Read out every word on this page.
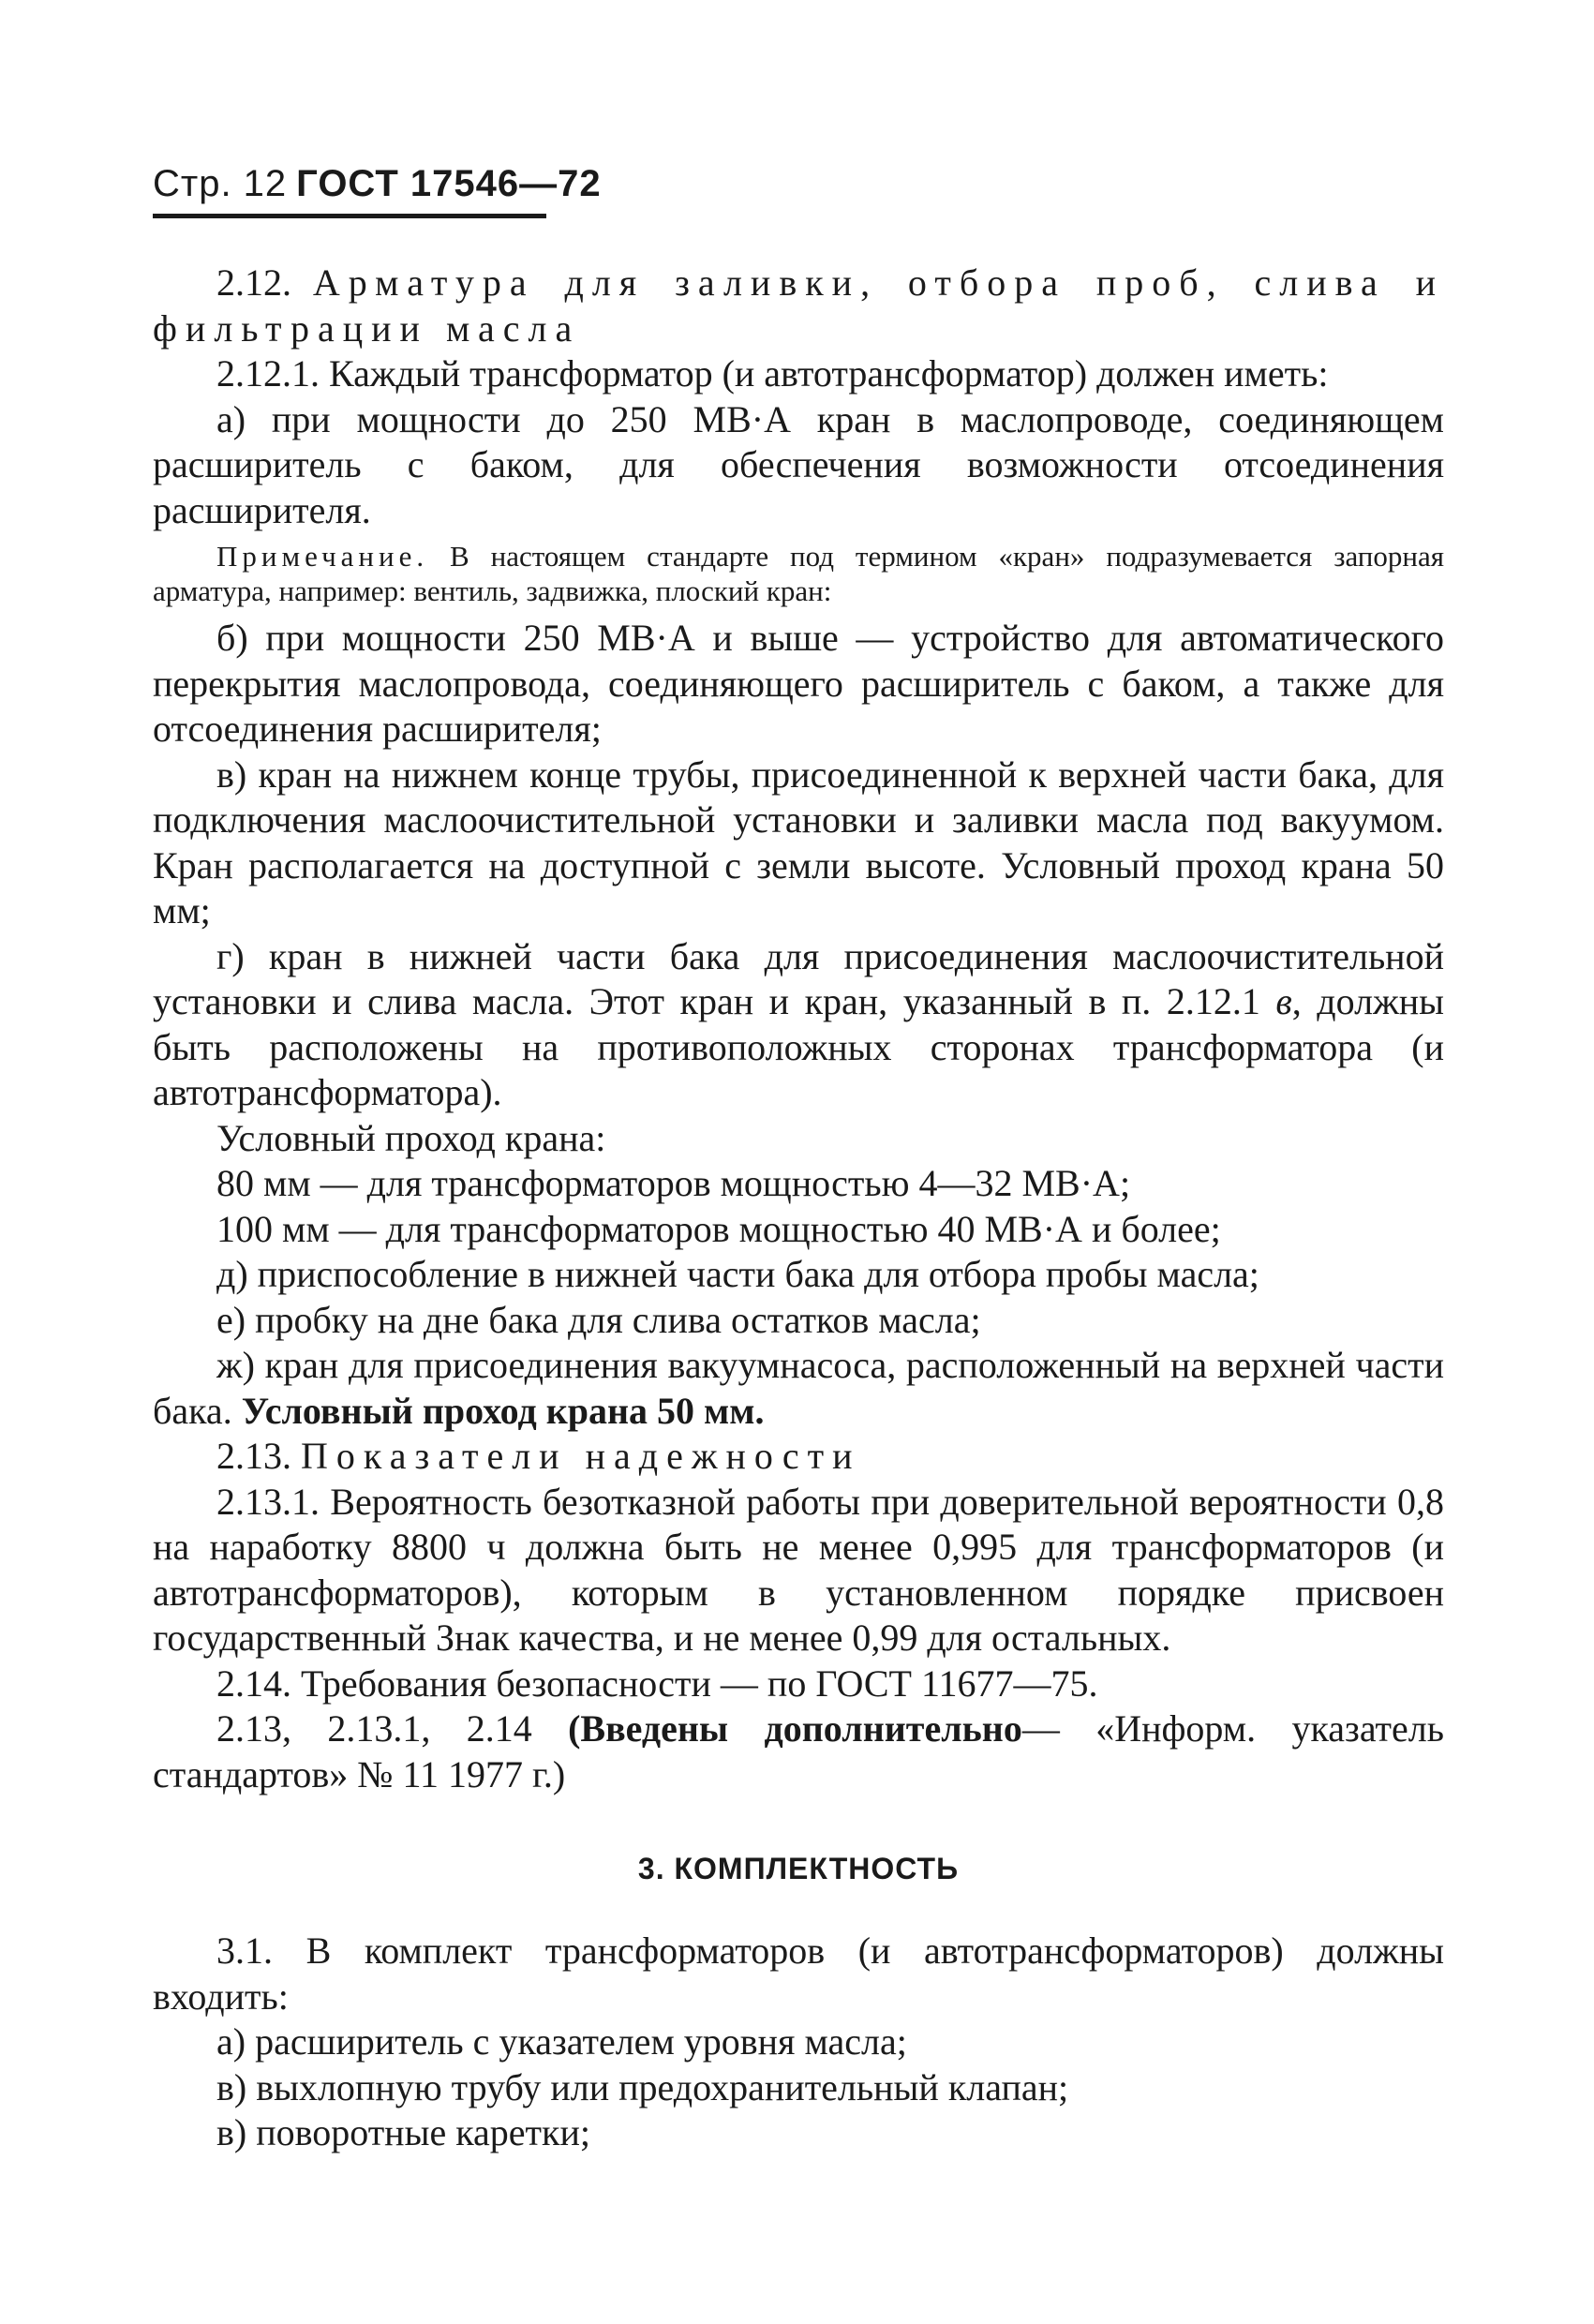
Стр. 12 ГОСТ 17546—72

2.12. Арматура для заливки, отбора проб, слива и фильтрации масла

2.12.1. Каждый трансформатор (и автотрансформатор) должен иметь:

а) при мощности до 250 МВ·А кран в маслопроводе, соединяющем расширитель с баком, для обеспечения возможности отсоединения расширителя.

Примечание. В настоящем стандарте под термином «кран» подразумевается запорная арматура, например: вентиль, задвижка, плоский кран:

б) при мощности 250 МВ·А и выше — устройство для автоматического перекрытия маслопровода, соединяющего расширитель с баком, а также для отсоединения расширителя;

в) кран на нижнем конце трубы, присоединенной к верхней части бака, для подключения маслоочистительной установки и заливки масла под вакуумом. Кран располагается на доступной с земли высоте. Условный проход крана 50 мм;

г) кран в нижней части бака для присоединения маслоочистительной установки и слива масла. Этот кран и кран, указанный в п. 2.12.1 в, должны быть расположены на противоположных сторонах трансформатора (и автотрансформатора).

Условный проход крана:

80 мм — для трансформаторов мощностью 4—32 МВ·А;

100 мм — для трансформаторов мощностью 40 МВ·А и более;

д) приспособление в нижней части бака для отбора пробы масла;

е) пробку на дне бака для слива остатков масла;

ж) кран для присоединения вакуумнасоса, расположенный на верхней части бака. Условный проход крана 50 мм.

2.13. Показатели надежности

2.13.1. Вероятность безотказной работы при доверительной вероятности 0,8 на наработку 8800 ч должна быть не менее 0,995 для трансформаторов (и автотрансформаторов), которым в установленном порядке присвоен государственный Знак качества, и не менее 0,99 для остальных.

2.14. Требования безопасности — по ГОСТ 11677—75.

2.13, 2.13.1, 2.14 (Введены дополнительно— «Информ. указатель стандартов» № 11 1977 г.)

3. КОМПЛЕКТНОСТЬ

3.1. В комплект трансформаторов (и автотрансформаторов) должны входить:

а) расширитель с указателем уровня масла;

в) выхлопную трубу или предохранительный клапан;

в) поворотные каретки;
